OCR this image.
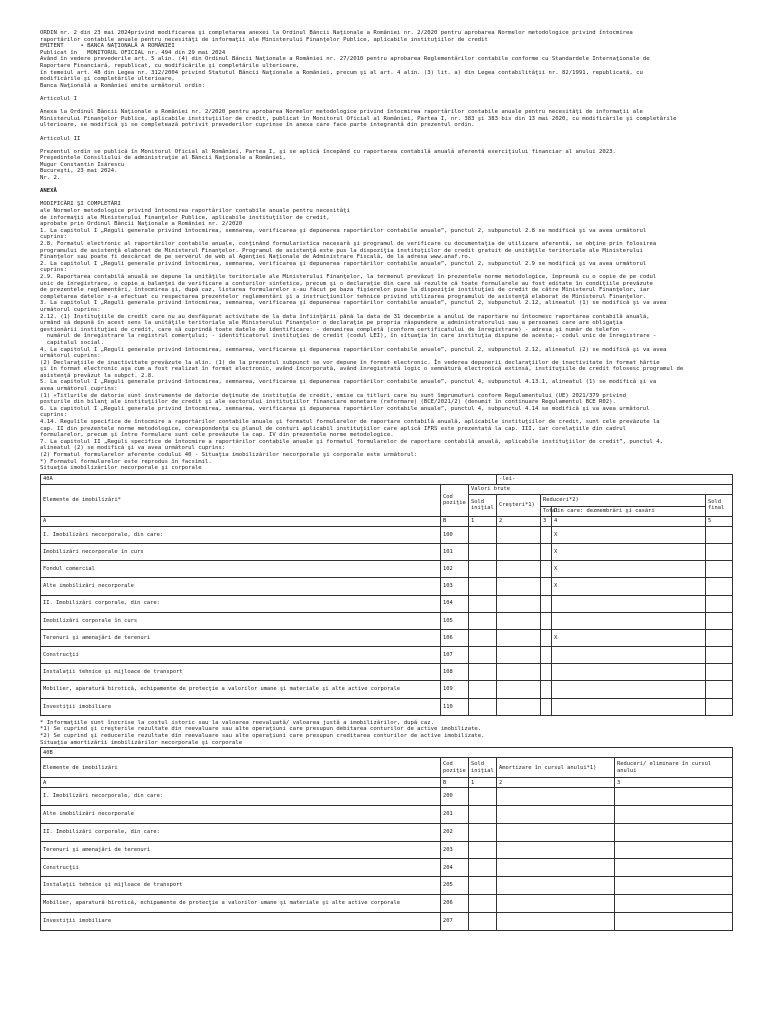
ORDIN nr. 2 din 23 mai 2024privind modificarea şi completarea anexei la Ordinul Băncii Naţionale a României nr. 2/2020 pentru aprobarea Normelor metodologice privind întocmirea
raportărilor contabile anuale pentru necesităţi de informaţii ale Ministerului Finanţelor Publice, aplicabile instituţiilor de credit
EMITENT     • BANCA NAŢIONALĂ A ROMÂNIEI
Publicat în   MONITORUL OFICIAL nr. 494 din 29 mai 2024
Având în vedere prevederile art. 5 alin. (4) din Ordinul Băncii Naţionale a României nr. 27/2010 pentru aprobarea Reglementărilor contabile conforme cu Standardele Internaţionale de
Raportare Financiară, republicat, cu modificările şi completările ulterioare,
în temeiul art. 48 din Legea nr. 312/2004 privind Statutul Băncii Naţionale a României, precum şi al art. 4 alin. (3) lit. a) din Legea contabilităţii nr. 82/1991, republicată, cu
modificările şi completările ulterioare,
Banca Naţională a României emite următorul ordin:
Articolul I
Anexa la Ordinul Băncii Naţionale a României nr. 2/2020 pentru aprobarea Normelor metodologice privind întocmirea raportărilor contabile anuale pentru necesităţi de informaţii ale
Ministerului Finanţelor Publice, aplicabile instituţiilor de credit, publicat în Monitorul Oficial al României, Partea I, nr. 383 şi 383 bis din 13 mai 2020, cu modificările şi completările
ulterioare, se modifică şi se completează potrivit prevederilor cuprinse în anexa care face parte integrantă din prezentul ordin.
Articolul II
Prezentul ordin se publică în Monitorul Oficial al României, Partea I, şi se aplică începând cu raportarea contabilă anuală aferentă exerciţiului financiar al anului 2023.
Preşedintele Consiliului de administraţie al Băncii Naţionale a României,
Mugur Constantin Isărescu
Bucureşti, 23 mai 2024.
Nr. 2.
ANEXĂ
MODIFICĂRI ŞI COMPLETĂRI
ale Normelor metodologice privind întocmirea raportărilor contabile anuale pentru necesităţi
de informaţii ale Ministerului Finanţelor Publice, aplicabile instituţiilor de credit,
aprobate prin Ordinul Băncii Naţionale a României nr. 2/2020
1. La capitolul I „Reguli generale privind întocmirea, semnarea, verificarea şi depunerea raportărilor contabile anuale”, punctul 2, subpunctul 2.8 se modifică şi va avea următorul
cuprins:
2.8. Formatul electronic al raportărilor contabile anuale, conţinând formularistica necesară şi programul de verificare cu documentaţia de utilizare aferentă, se obţine prin folosirea
programului de asistenţă elaborat de Ministerul Finanţelor. Programul de asistenţă este pus la dispoziţia instituţiilor de credit gratuit de unităţile teritoriale ale Ministerului
Finanţelor sau poate fi descărcat de pe serverul de web al Agenţiei Naţionale de Administrare Fiscală, de la adresa www.anaf.ro.
2. La capitolul I „Reguli generale privind întocmirea, semnarea, verificarea şi depunerea raportărilor contabile anuale”, punctul 2, subpunctul 2.9 se modifică şi va avea următorul
cuprins:
2.9. Raportarea contabilă anuală se depune la unităţile teritoriale ale Ministerului Finanţelor, la termenul prevăzut în prezentele norme metodologice, împreună cu o copie de pe codul
unic de înregistrare, o copie a balanţei de verificare a conturilor sintetice, precum şi o declaraţie din care să rezulte că toate formularele au fost editate în condiţiile prevăzute
de prezentele reglementări, întocmirea şi, după caz, listarea formularelor s-au făcut pe baza fişierelor puse la dispoziţie instituţiei de credit de către Ministerul Finanţelor, iar
completarea datelor s-a efectuat cu respectarea prezentelor reglementări şi a instrucţiunilor tehnice privind utilizarea programului de asistenţă elaborat de Ministerul Finanţelor.
3. La capitolul I „Reguli generale privind întocmirea, semnarea, verificarea şi depunerea raportărilor contabile anuale”, punctul 2, subpunctul 2.12, alineatul (1) se modifică şi va avea
următorul cuprins:
2.12. (1) Instituţiile de credit care nu au desfăşurat activitate de la data înfiinţării până la data de 31 decembrie a anului de raportare nu întocmesc raportarea contabilă anuală,
urmând să depună în acest sens la unităţile teritoriale ale Ministerului Finanţelor o declaraţie pe propria răspundere a administratorului sau a persoanei care are obligaţia
gestionării instituţiei de credit, care să cuprindă toate datele de identificare: - denumirea completă (conform certificatului de înregistrare) - adresa şi număr de telefon -
numărul de înregistrare la registrul comerţului; - identificatorul instituţiei de credit (codul LEI), în situaţia în care instituţia dispune de acesta;- codul unic de înregistrare -
capitalul social.
4. La capitolul I „Reguli generale privind întocmirea, semnarea, verificarea şi depunerea raportărilor contabile anuale”, punctul 2, subpunctul 2.12, alineatul (2) se modifică şi va avea
următorul cuprins:
(2) Declaraţiile de inactivitate prevăzute la alin. (1) de la prezentul subpunct se vor depune în format electronic. În vederea depunerii declaraţiilor de inactivitate în format hârtie
şi în format electronic aşa cum a fost realizat în format electronic, având încorporată, având înregistrată logic o semnătură electronică extinsă, instituţiile de credit folosesc programul de
asistenţă prevăzut la subpct. 2.8.
5. La capitolul I „Reguli generale privind întocmirea, semnarea, verificarea şi depunerea raportărilor contabile anuale”, punctul 4, subpunctul 4.13.1, alineatul (1) se modifică şi va
avea următorul cuprins:
(1) «Titlurile de datorie sunt instrumente de datorie deţinute de instituţia de credit, emise ca titluri care nu sunt împrumuturi conform Regulamentului (UE) 2021/379 privind
posturile din bilanţ ale instituţiilor de credit şi ale sectorului instituţiilor financiare monetare (reformare) (BCE/2021/2) (denumit în continuare Regulamentul BCE R02).
6. La capitolul I „Reguli generale privind întocmirea, semnarea, verificarea şi depunerea raportărilor contabile anuale”, punctul 4, subpunctul 4.14 se modifică şi va avea următorul
cuprins:
4.14. Regulile specifice de întocmire a raportărilor contabile anuale şi formatul formularelor de raportare contabilă anuală, aplicabile instituţiilor de credit, sunt cele prevăzute la
cap. II din prezentele norme metodologice, corespondenţa cu planul de conturi aplicabil instituţiilor care aplică IFRS este prezentată la cap. III, iar corelaţiile din cadrul
formularelor, precum şi între formulare sunt cele prevăzute la cap. IV din prezentele norme metodologice.
7. La capitolul II „Reguli specifice de întocmire a raportărilor contabile anuale şi formatul formularelor de raportare contabilă anuală, aplicabile instituţiilor de credit”, punctul 4,
alineatul (2) se modifică şi va avea următorul cuprins:
(2) Formatul formularelor aferente codului 40 - Situaţia imobilizărilor necorporale şi corporale este următorul:
*) Formatul formularelor este reprodus în facsimil.
Situaţia imobilizărilor necorporale şi corporale
40A			-lei-			
Elemente de imobilizări*	Cod poziţie	Valori brute				
		Sold iniţial	Creşteri*1)	Reduceri*2)		Sold final
				Total	Din care: dezmembrări şi casări	
A	B	1	2	3	4	5
I. Imobilizări necorporale, din care:	100				X	
Imobilizări necorporale în curs	101				X	
Fondul comercial	102				X	
Alte imobilizări necorporale	103				X	
II. Imobilizări corporale, din care:	104					
Imobilizări corporale în curs	105					
Terenuri şi amenajări de terenuri	106				X	
Construcţii	107					
Instalaţii tehnice şi mijloace de transport	108					
Mobilier, aparatură birotică, echipamente de protecţie a valorilor umane şi materiale şi alte active corporale	109					
Investiţii imobiliare	110					
* Informaţiile sunt înscrise la costul istoric sau la valoarea reevaluată/ valoarea justă a imobilizărilor, după caz.
*1) Se cuprind şi creşterile rezultate din reevaluare sau alte operaţiuni care presupun debitarea conturilor de active imobilizate.
*2) Se cuprind şi reducerile rezultate din reevaluare sau alte operaţiuni care presupun creditarea conturilor de active imobilizate.
Situaţia amortizării imobilizărilor necorporale şi corporale
40B				
Elemente de imobilizări	Cod poziţie	Sold iniţial	Amortizare în cursul anului*1)	Reduceri/ eliminare în cursul anului
A	B	1	2	3
I. Imobilizări necorporale, din care:	200			
Alte imobilizări necorporale	201			
II. Imobilizări corporale, din care:	202			
Terenuri şi amenajări de terenuri	203			
Construcţii	204			
Instalaţii tehnice şi mijloace de transport	205			
Mobilier, aparatură birotică, echipamente de protecţie a valorilor umane şi materiale şi alte active corporale	206			
Investiţii imobiliare	207			
